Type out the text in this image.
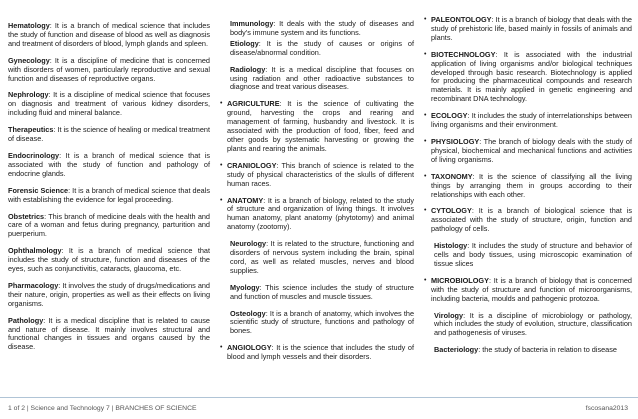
Hematology: It is a branch of medical science that includes the study of function and disease of blood as well as diagnosis and treatment of disorders of blood, lymph glands and spleen.
Gynecology: It is a discipline of medicine that is concerned with disorders of women, particularly reproductive and sexual function and diseases of reproductive organs.
Nephrology: It is a discipline of medical science that focuses on diagnosis and treatment of various kidney disorders, including fluid and mineral balance.
Therapeutics: It is the science of healing or medical treatment of disease.
Endocrinology: It is a branch of medical science that is associated with the study of function and pathology of endocrine glands.
Forensic Science: It is a branch of medical science that deals with establishing the evidence for legal proceeding.
Obstetrics: This branch of medicine deals with the health and care of a woman and fetus during pregnancy, parturition and puerperium.
Ophthalmology: It is a branch of medical science that includes the study of structure, function and diseases of the eyes, such as conjunctivitis, cataracts, glaucoma, etc.
Pharmacology: It involves the study of drugs/medications and their nature, origin, properties as well as their effects on living organisms.
Pathology: It is a medical discipline that is related to cause and nature of disease. It mainly involves structural and functional changes in tissues and organs caused by the disease.
Immunology: It deals with the study of diseases and body's immune system and its functions.
Etiology: It is the study of causes or origins of disease/abnormal condition.
Radiology: It is a medical discipline that focuses on using radiation and other radioactive substances to diagnose and treat various diseases.
• AGRICULTURE: It is the science of cultivating the ground, harvesting the crops and rearing and management of farming, husbandry and livestock. It is associated with the production of food, fiber, feed and other goods by systematic harvesting or growing the plants and rearing the animals.
• CRANIOLOGY: This branch of science is related to the study of physical characteristics of the skulls of different human races.
• ANATOMY: It is a branch of biology, related to the study of structure and organization of living things. It involves human anatomy, plant anatomy (phytotomy) and animal anatomy (zootomy).
Neurology: It is related to the structure, functioning and disorders of nervous system including the brain, spinal cord, as well as related muscles, nerves and blood supplies.
Myology: This science includes the study of structure and function of muscles and muscle tissues.
Osteology: It is a branch of anatomy, which involves the scientific study of structure, functions and pathology of bones.
• ANGIOLOGY: It is the science that includes the study of blood and lymph vessels and their disorders.
• PALEONTOLOGY: It is a branch of biology that deals with the study of prehistoric life, based mainly in fossils of animals and plants.
• BIOTECHNOLOGY: It is associated with the industrial application of living organisms and/or biological techniques developed through basic research. Biotechnology is applied for producing the pharmaceutical compounds and research materials. It is mainly applied in genetic engineering and recombinant DNA technology.
• ECOLOGY: It includes the study of interrelationships between living organisms and their environment.
• PHYSIOLOGY: The branch of biology deals with the study of physical, biochemical and mechanical functions and activities of living organisms.
• TAXONOMY: It is the science of classifying all the living things by arranging them in groups according to their relationships with each other.
• CYTOLOGY: It is a branch of biological science that is associated with the study of structure, origin, function and pathology of cells.
Histology: It includes the study of structure and behavior of cells and body tissues, using microscopic examination of tissue slices
• MICROBIOLOGY: It is a branch of biology that is concerned with the study of structure and function of microorganisms, including bacteria, moulds and pathogenic protozoa.
Virology: It is a discipline of microbiology or pathology, which includes the study of evolution, structure, classification and pathogenesis of viruses.
Bacteriology: the study of bacteria in relation to disease
1 of 2 | Science and Technology 7 | BRANCHES OF SCIENCE	fscosana2013
